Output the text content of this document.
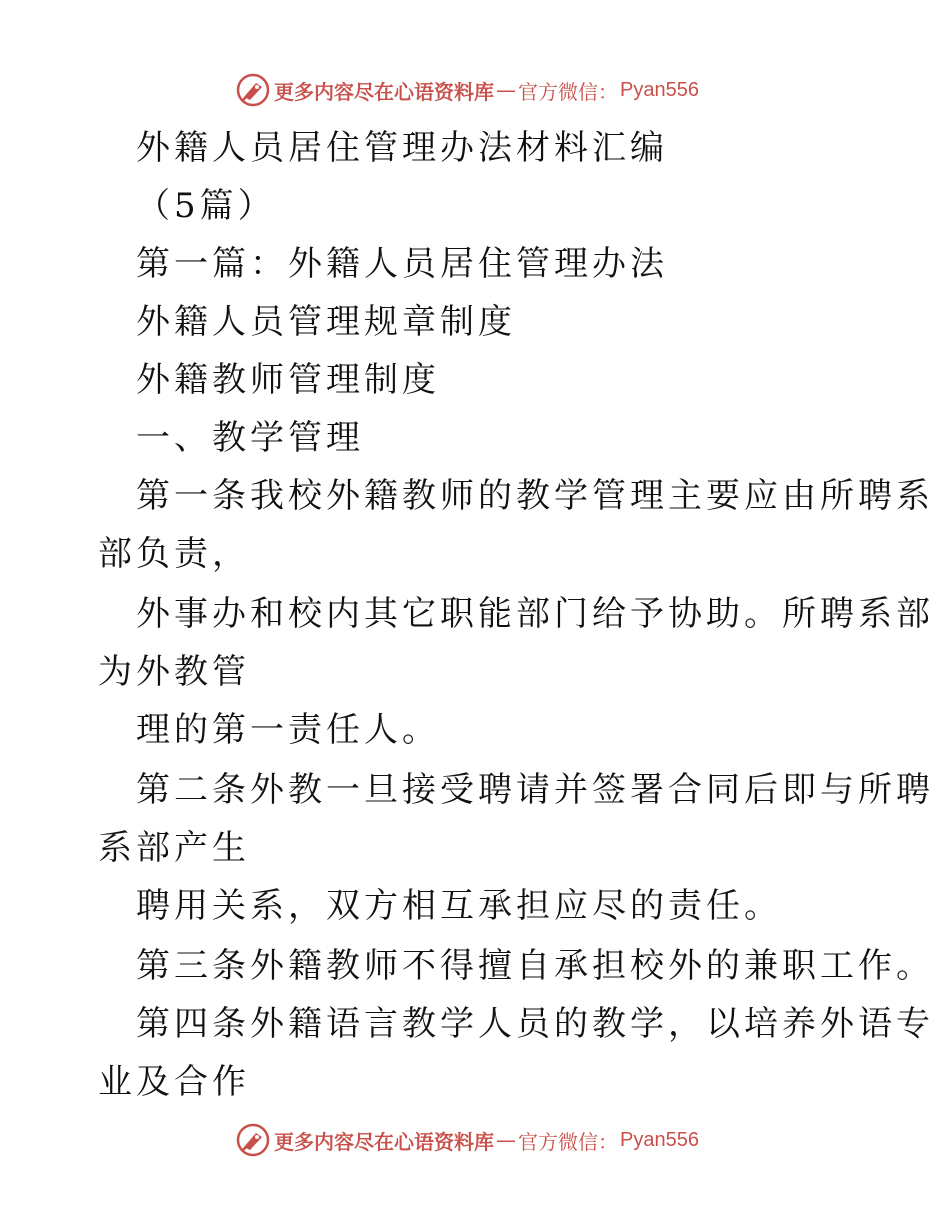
更多内容尽在心语资料库 — 官方微信： Pyan556
外籍人员居住管理办法材料汇编
（5篇）
第一篇：外籍人员居住管理办法
外籍人员管理规章制度
外籍教师管理制度
一、教学管理
第一条我校外籍教师的教学管理主要应由所聘系
部负责，
外事办和校内其它职能部门给予协助。所聘系部
为外教管
理的第一责任人。
第二条外教一旦接受聘请并签署合同后即与所聘
系部产生
聘用关系，双方相互承担应尽的责任。
第三条外籍教师不得擅自承担校外的兼职工作。
第四条外籍语言教学人员的教学，以培养外语专
业及合作
更多内容尽在心语资料库 — 官方微信： Pyan556
